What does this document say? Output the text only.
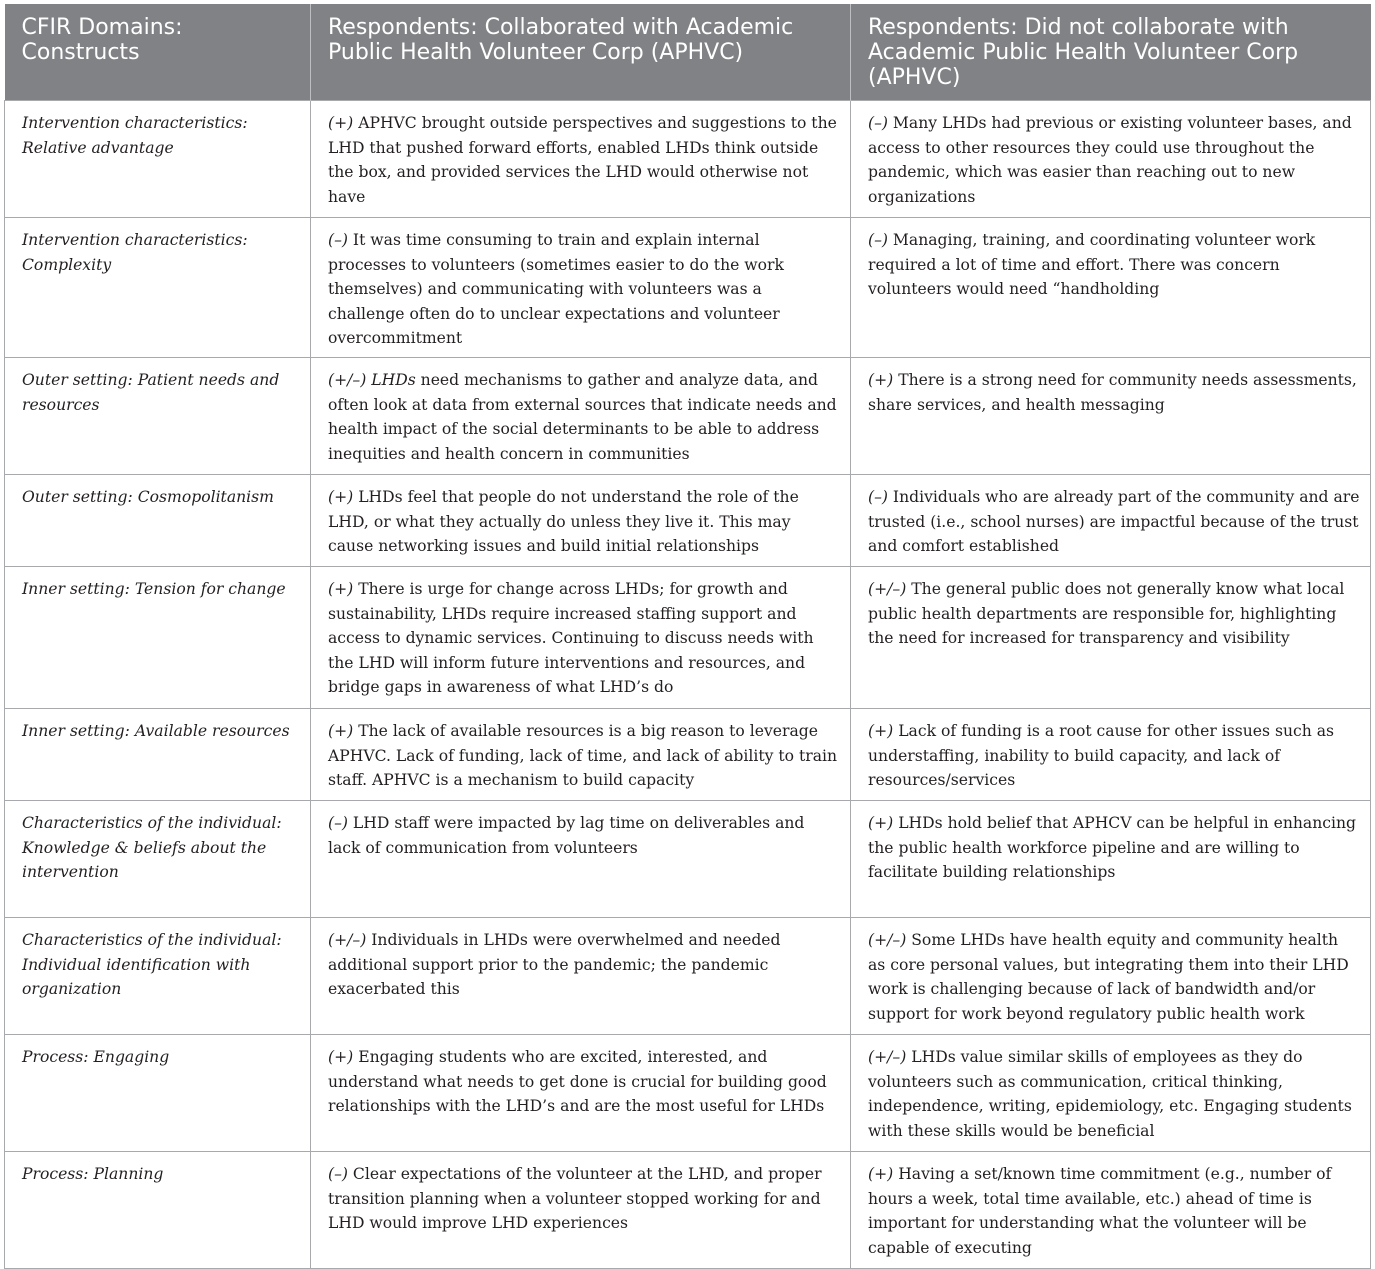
CFIR Domains: Constructs	Respondents: Collaborated with Academic Public Health Volunteer Corp (APHVC)	Respondents: Did not collaborate with Academic Public Health Volunteer Corp (APHVC)
Intervention characteristics: Relative advantage	(+) APHVC brought outside perspectives and suggestions to the LHD that pushed forward efforts, enabled LHDs think outside the box, and provided services the LHD would otherwise not have	(–) Many LHDs had previous or existing volunteer bases, and access to other resources they could use throughout the pandemic, which was easier than reaching out to new organizations
Intervention characteristics: Complexity	(–) It was time consuming to train and explain internal processes to volunteers (sometimes easier to do the work themselves) and communicating with volunteers was a challenge often do to unclear expectations and volunteer overcommitment	(–) Managing, training, and coordinating volunteer work required a lot of time and effort. There was concern volunteers would need “handholding
Outer setting: Patient needs and resources	(+/–) LHDs need mechanisms to gather and analyze data, and often look at data from external sources that indicate needs and health impact of the social determinants to be able to address inequities and health concern in communities	(+) There is a strong need for community needs assessments, share services, and health messaging
Outer setting: Cosmopolitanism	(+) LHDs feel that people do not understand the role of the LHD, or what they actually do unless they live it. This may cause networking issues and build initial relationships	(–) Individuals who are already part of the community and are trusted (i.e., school nurses) are impactful because of the trust and comfort established
Inner setting: Tension for change	(+) There is urge for change across LHDs; for growth and sustainability, LHDs require increased staffing support and access to dynamic services. Continuing to discuss needs with the LHD will inform future interventions and resources, and bridge gaps in awareness of what LHD’s do	(+/–) The general public does not generally know what local public health departments are responsible for, highlighting the need for increased for transparency and visibility
Inner setting: Available resources	(+) The lack of available resources is a big reason to leverage APHVC. Lack of funding, lack of time, and lack of ability to train staff. APHVC is a mechanism to build capacity	(+) Lack of funding is a root cause for other issues such as understaffing, inability to build capacity, and lack of resources/services
Characteristics of the individual: Knowledge & beliefs about the intervention	(–) LHD staff were impacted by lag time on deliverables and lack of communication from volunteers	(+) LHDs hold belief that APHCV can be helpful in enhancing the public health workforce pipeline and are willing to facilitate building relationships
Characteristics of the individual: Individual identification with organization	(+/–) Individuals in LHDs were overwhelmed and needed additional support prior to the pandemic; the pandemic exacerbated this	(+/–) Some LHDs have health equity and community health as core personal values, but integrating them into their LHD work is challenging because of lack of bandwidth and/or support for work beyond regulatory public health work
Process: Engaging	(+) Engaging students who are excited, interested, and understand what needs to get done is crucial for building good relationships with the LHD’s and are the most useful for LHDs	(+/–) LHDs value similar skills of employees as they do volunteers such as communication, critical thinking, independence, writing, epidemiology, etc. Engaging students with these skills would be beneficial
Process: Planning	(–) Clear expectations of the volunteer at the LHD, and proper transition planning when a volunteer stopped working for and LHD would improve LHD experiences	(+) Having a set/known time commitment (e.g., number of hours a week, total time available, etc.) ahead of time is important for understanding what the volunteer will be capable of executing
